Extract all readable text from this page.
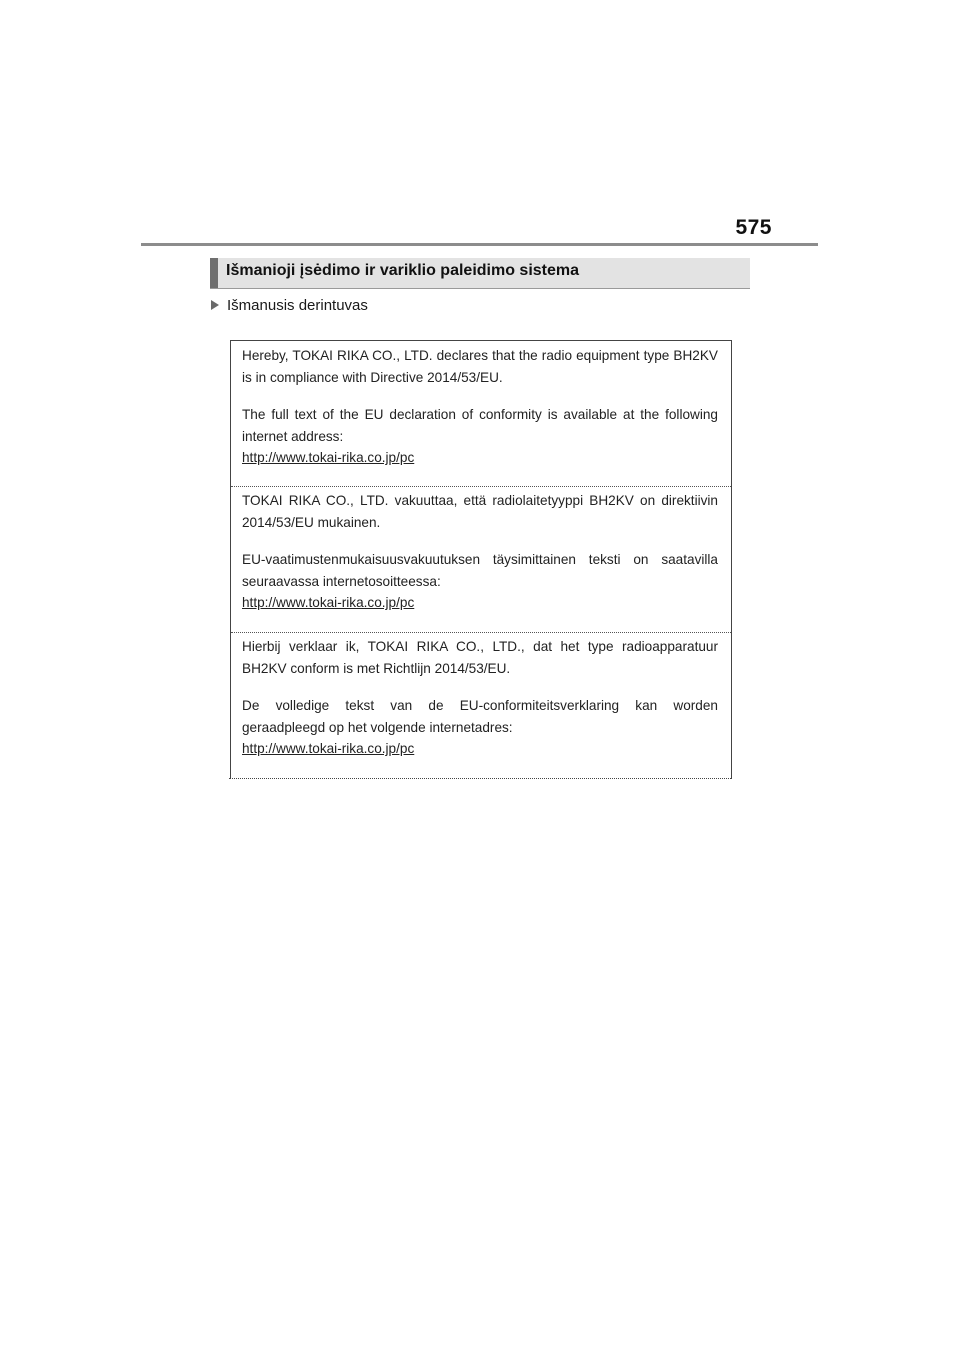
575
Išmanioji įsėdimo ir variklio paleidimo sistema
Išmanusis derintuvas

Hereby, TOKAI RIKA CO., LTD. declares that the radio equipment type BH2KV is in compliance with Directive 2014/53/EU.

The full text of the EU declaration of conformity is available at the following internet address:

http://www.tokai-rika.co.jp/pc

TOKAI RIKA CO., LTD. vakuuttaa, että radiolaitetyyppi BH2KV on direktiivin 2014/53/EU mukainen.

EU-vaatimustenmukaisuusvakuutuksen täysimittainen teksti on saatavilla seuraavassa internetosoitteessa:

http://www.tokai-rika.co.jp/pc

Hierbij verklaar ik, TOKAI RIKA CO., LTD., dat het type radioapparatuur BH2KV conform is met Richtlijn 2014/53/EU.

De volledige tekst van de EU-conformiteitsverklaring kan worden geraadpleegd op het volgende internetadres:

http://www.tokai-rika.co.jp/pc
